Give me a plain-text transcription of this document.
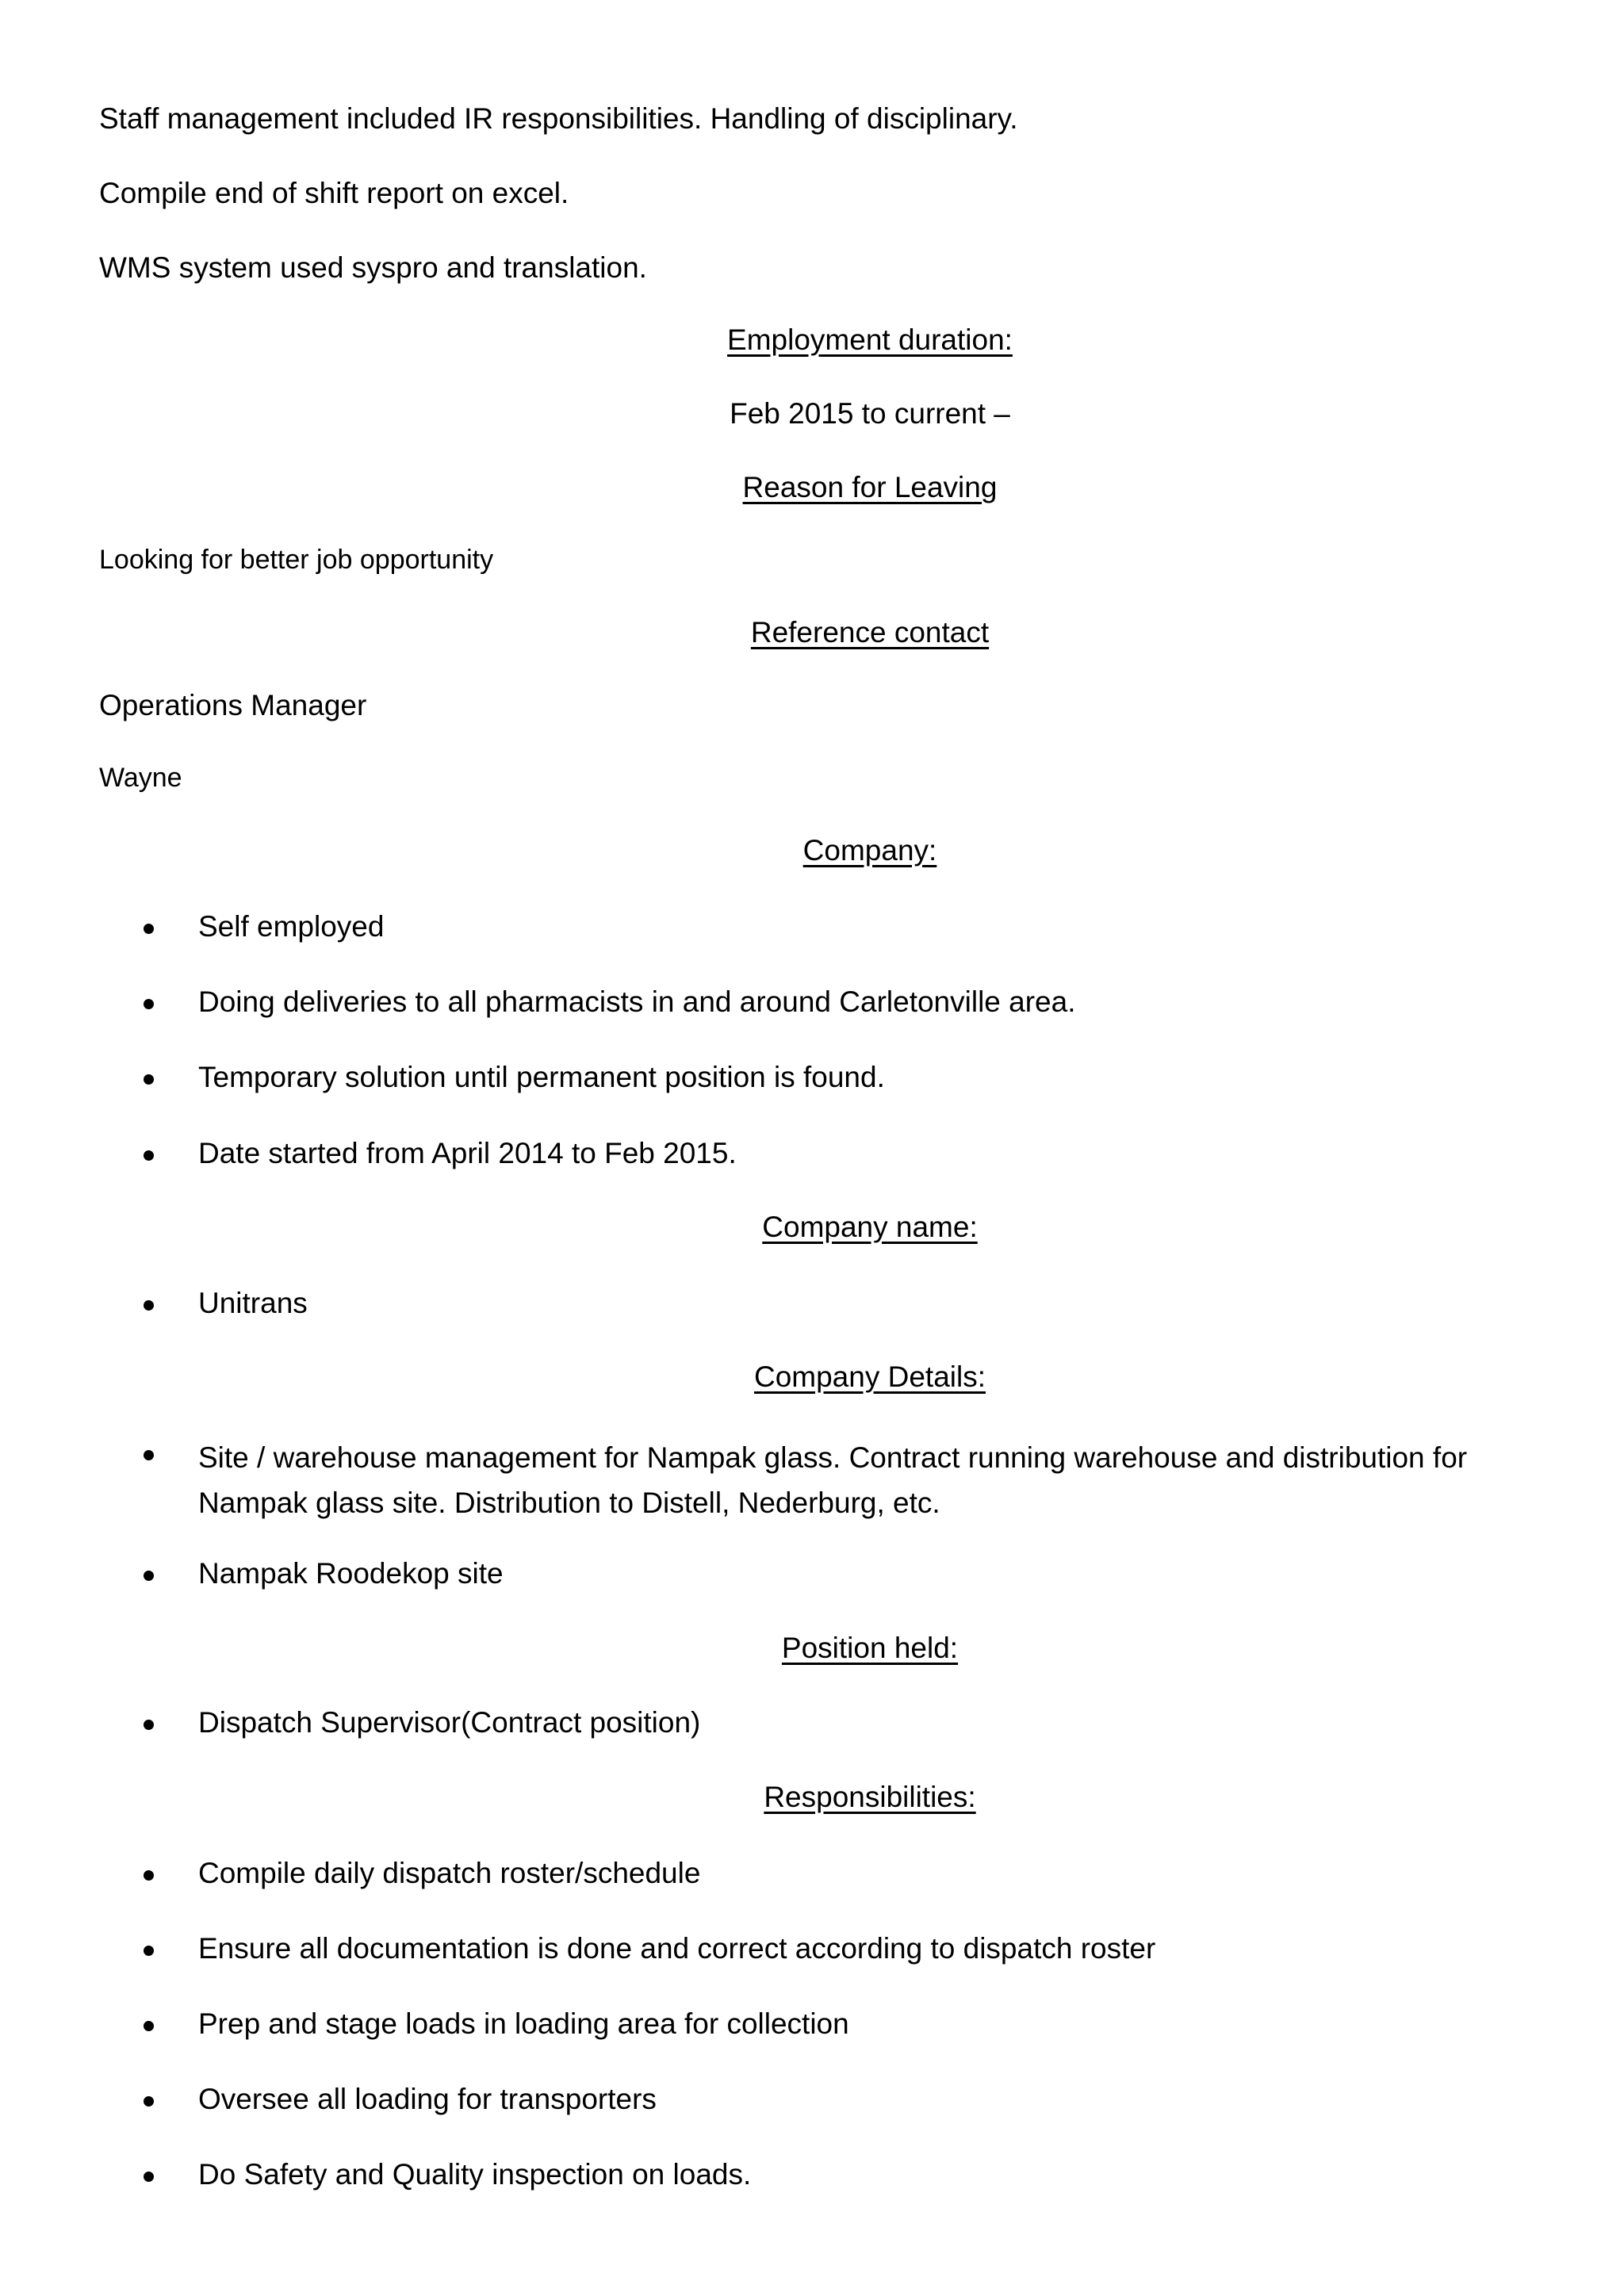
Staff management included IR responsibilities. Handling of disciplinary.
Compile end of shift report on excel.
WMS system used syspro and translation.
Employment duration:
Feb 2015 to current –
Reason for Leaving
Looking for better job opportunity
Reference contact
Operations Manager
Wayne
Company:
Self employed
Doing deliveries to all pharmacists in and around Carletonville area.
Temporary solution until permanent position is found.
Date started from April 2014 to Feb 2015.
Company name:
Unitrans
Company Details:
Site / warehouse management for Nampak glass. Contract running warehouse and distribution for Nampak glass site. Distribution to Distell, Nederburg, etc.
Nampak Roodekop site
Position held:
Dispatch Supervisor(Contract position)
Responsibilities:
Compile daily dispatch roster/schedule
Ensure all documentation is done and correct according to dispatch roster
Prep and stage loads in loading area for collection
Oversee all loading for transporters
Do Safety and Quality inspection on loads.
